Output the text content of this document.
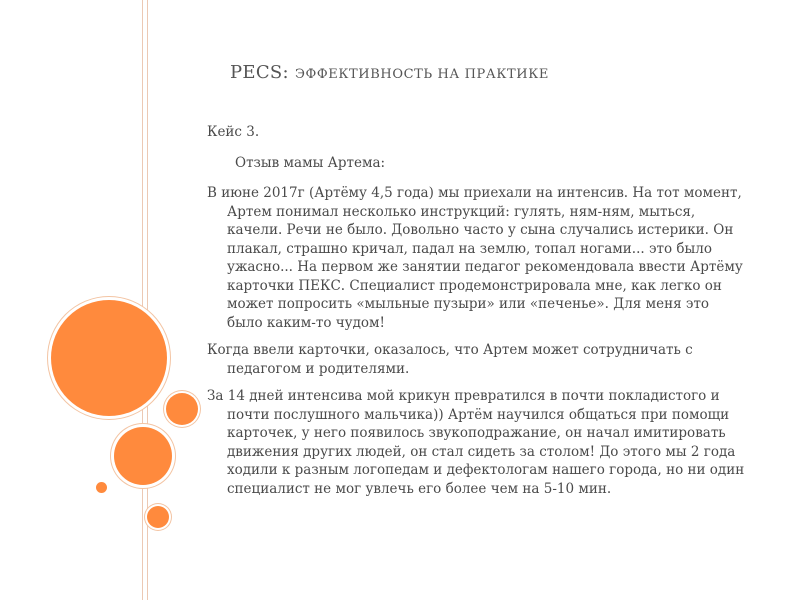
PECS: ЭФФЕКТИВНОСТЬ НА ПРАКТИКЕ

Кейс 3.

Отзыв мамы Артема:

В июне 2017г (Артёму 4,5 года) мы приехали на интенсив. На тот момент, Артем понимал несколько инструкций: гулять, ням-ням, мыться, качели. Речи не было. Довольно часто у сына случались истерики. Он плакал, страшно кричал, падал на землю, топал ногами... это было ужасно... На первом же занятии педагог рекомендовала ввести Артёму карточки ПЕКС. Специалист продемонстрировала мне, как легко он может попросить «мыльные пузыри» или «печенье». Для меня это было каким-то чудом!

Когда ввели карточки, оказалось, что Артем может сотрудничать с педагогом и родителями.

За 14 дней интенсива мой крикун превратился в почти покладистого и почти послушного мальчика)) Артём научился общаться при помощи карточек, у него появилось звукоподражание, он начал имитировать движения других людей, он стал сидеть за столом! До этого мы 2 года ходили к разным логопедам и дефектологам нашего города, но ни один специалист не мог увлечь его более чем на 5-10 мин.
